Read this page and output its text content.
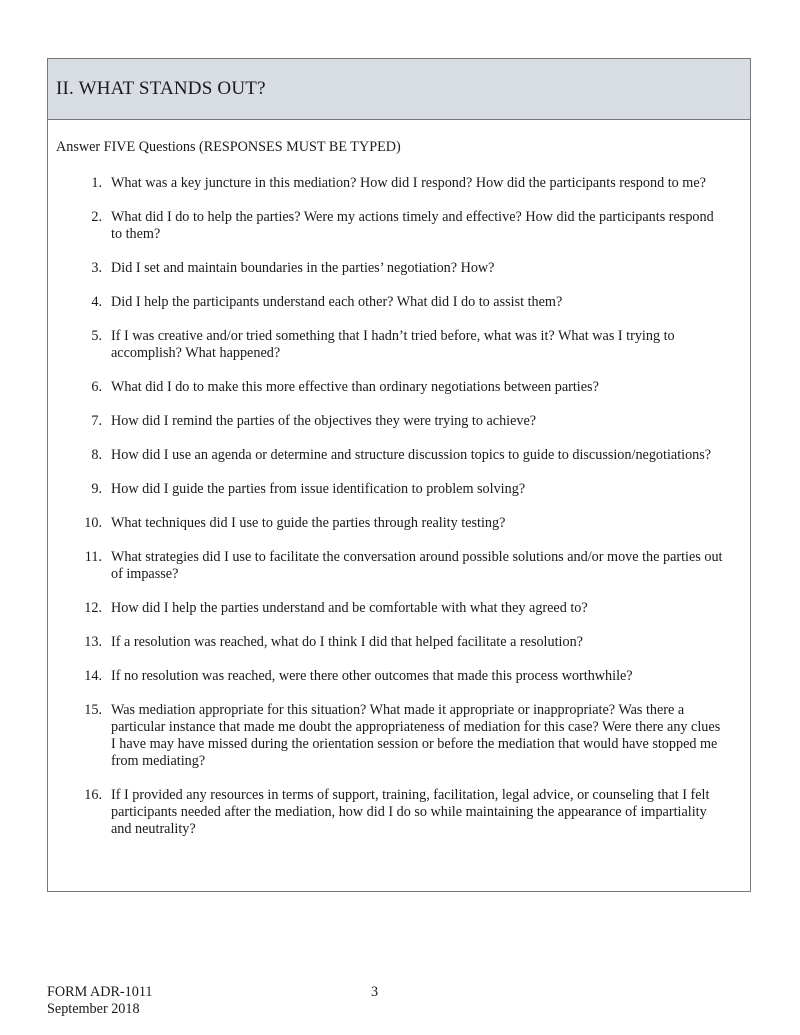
II. WHAT STANDS OUT?
Answer FIVE Questions (RESPONSES MUST BE TYPED)
1. What was a key juncture in this mediation? How did I respond? How did the participants respond to me?
2. What did I do to help the parties? Were my actions timely and effective? How did the participants respond to them?
3. Did I set and maintain boundaries in the parties’ negotiation? How?
4. Did I help the participants understand each other? What did I do to assist them?
5. If I was creative and/or tried something that I hadn’t tried before, what was it? What was I trying to accomplish? What happened?
6. What did I do to make this more effective than ordinary negotiations between parties?
7. How did I remind the parties of the objectives they were trying to achieve?
8. How did I use an agenda or determine and structure discussion topics to guide to discussion/negotiations?
9. How did I guide the parties from issue identification to problem solving?
10. What techniques did I use to guide the parties through reality testing?
11. What strategies did I use to facilitate the conversation around possible solutions and/or move the parties out of impasse?
12. How did I help the parties understand and be comfortable with what they agreed to?
13. If a resolution was reached, what do I think I did that helped facilitate a resolution?
14. If no resolution was reached, were there other outcomes that made this process worthwhile?
15. Was mediation appropriate for this situation? What made it appropriate or inappropriate? Was there a particular instance that made me doubt the appropriateness of mediation for this case? Were there any clues I have may have missed during the orientation session or before the mediation that would have stopped me from mediating?
16. If I provided any resources in terms of support, training, facilitation, legal advice, or counseling that I felt participants needed after the mediation, how did I do so while maintaining the appearance of impartiality and neutrality?
FORM ADR-1011
September 2018
3
